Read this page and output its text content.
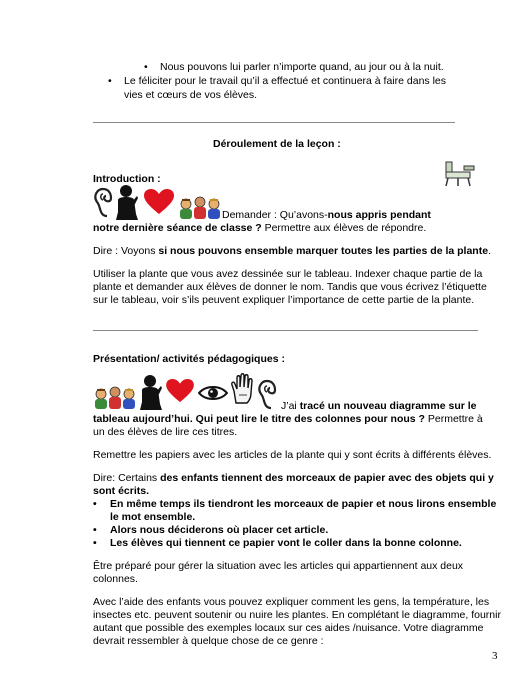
• Nous pouvons lui parler n’importe quand, au jour ou à la nuit.
• Le féliciter pour le travail qu’il a effectué et continuera à faire dans les
vies et cœurs de vos élèves.
Déroulement de la leçon :
Introduction :
Demander : Qu’avons-nous appris pendant
notre dernière séance de classe ? Permettre aux élèves de répondre.
Dire : Voyons si nous pouvons ensemble marquer toutes les parties de la plante.
Utiliser la plante que vous avez dessinée sur le tableau. Indexer chaque partie de la
plante et demander aux élèves de donner le nom. Tandis que vous écrivez l’étiquette
sur le tableau, voir s’ils peuvent expliquer l’importance de cette partie de la plante.
Présentation/ activités pédagogiques :
J’ai tracé un nouveau diagramme sur le
tableau aujourd’hui. Qui peut lire le titre des colonnes pour nous ? Permettre à
un des élèves de lire ces titres.
Remettre les papiers avec les articles de la plante qui y sont écrits à différents élèves.
Dire: Certains des enfants tiennent des morceaux de papier avec des objets qui y
sont écrits.
• En même temps ils tiendront les morceaux de papier et nous lirons ensemble
le mot ensemble.
• Alors nous déciderons où placer cet article.
• Les élèves qui tiennent ce papier vont le coller dans la bonne colonne.
Être préparé pour gérer la situation avec les articles qui appartiennent aux deux
colonnes.
Avec l’aide des enfants vous pouvez expliquer comment les gens, la température, les
insectes etc. peuvent soutenir ou nuire les plantes. En complétant le diagramme, fournir
autant que possible des exemples locaux sur ces aides /nuisance. Votre diagramme
devrait ressembler à quelque chose de ce genre :
3
